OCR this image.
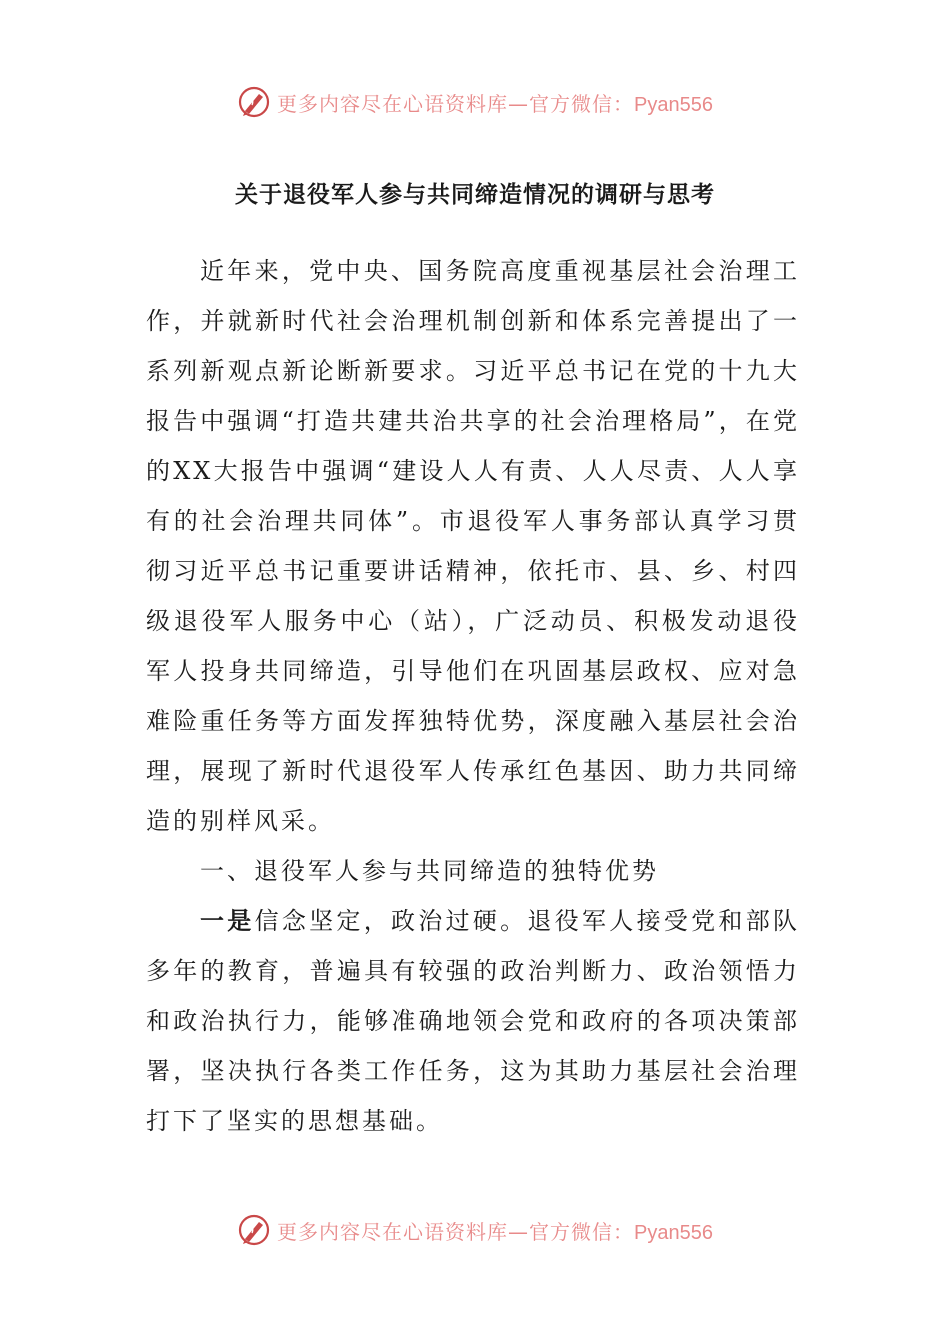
更多内容尽在心语资料库—官方微信：Pyan556
关于退役军人参与共同缔造情况的调研与思考

近年来，党中央、国务院高度重视基层社会治理工作，并就新时代社会治理机制创新和体系完善提出了一系列新观点新论断新要求。习近平总书记在党的十九大报告中强调“打造共建共治共享的社会治理格局”，在党的XX大报告中强调“建设人人有责、人人尽责、人人享有的社会治理共同体”。市退役军人事务部认真学习贯彻习近平总书记重要讲话精神，依托市、县、乡、村四级退役军人服务中心（站），广泛动员、积极发动退役军人投身共同缔造，引导他们在巩固基层政权、应对急难险重任务等方面发挥独特优势，深度融入基层社会治理，展现了新时代退役军人传承红色基因、助力共同缔造的别样风采。

一、退役军人参与共同缔造的独特优势

一是信念坚定，政治过硬。退役军人接受党和部队多年的教育，普遍具有较强的政治判断力、政治领悟力和政治执行力，能够准确地领会党和政府的各项决策部署，坚决执行各类工作任务，这为其助力基层社会治理打下了坚实的思想基础。

更多内容尽在心语资料库—官方微信：Pyan556
